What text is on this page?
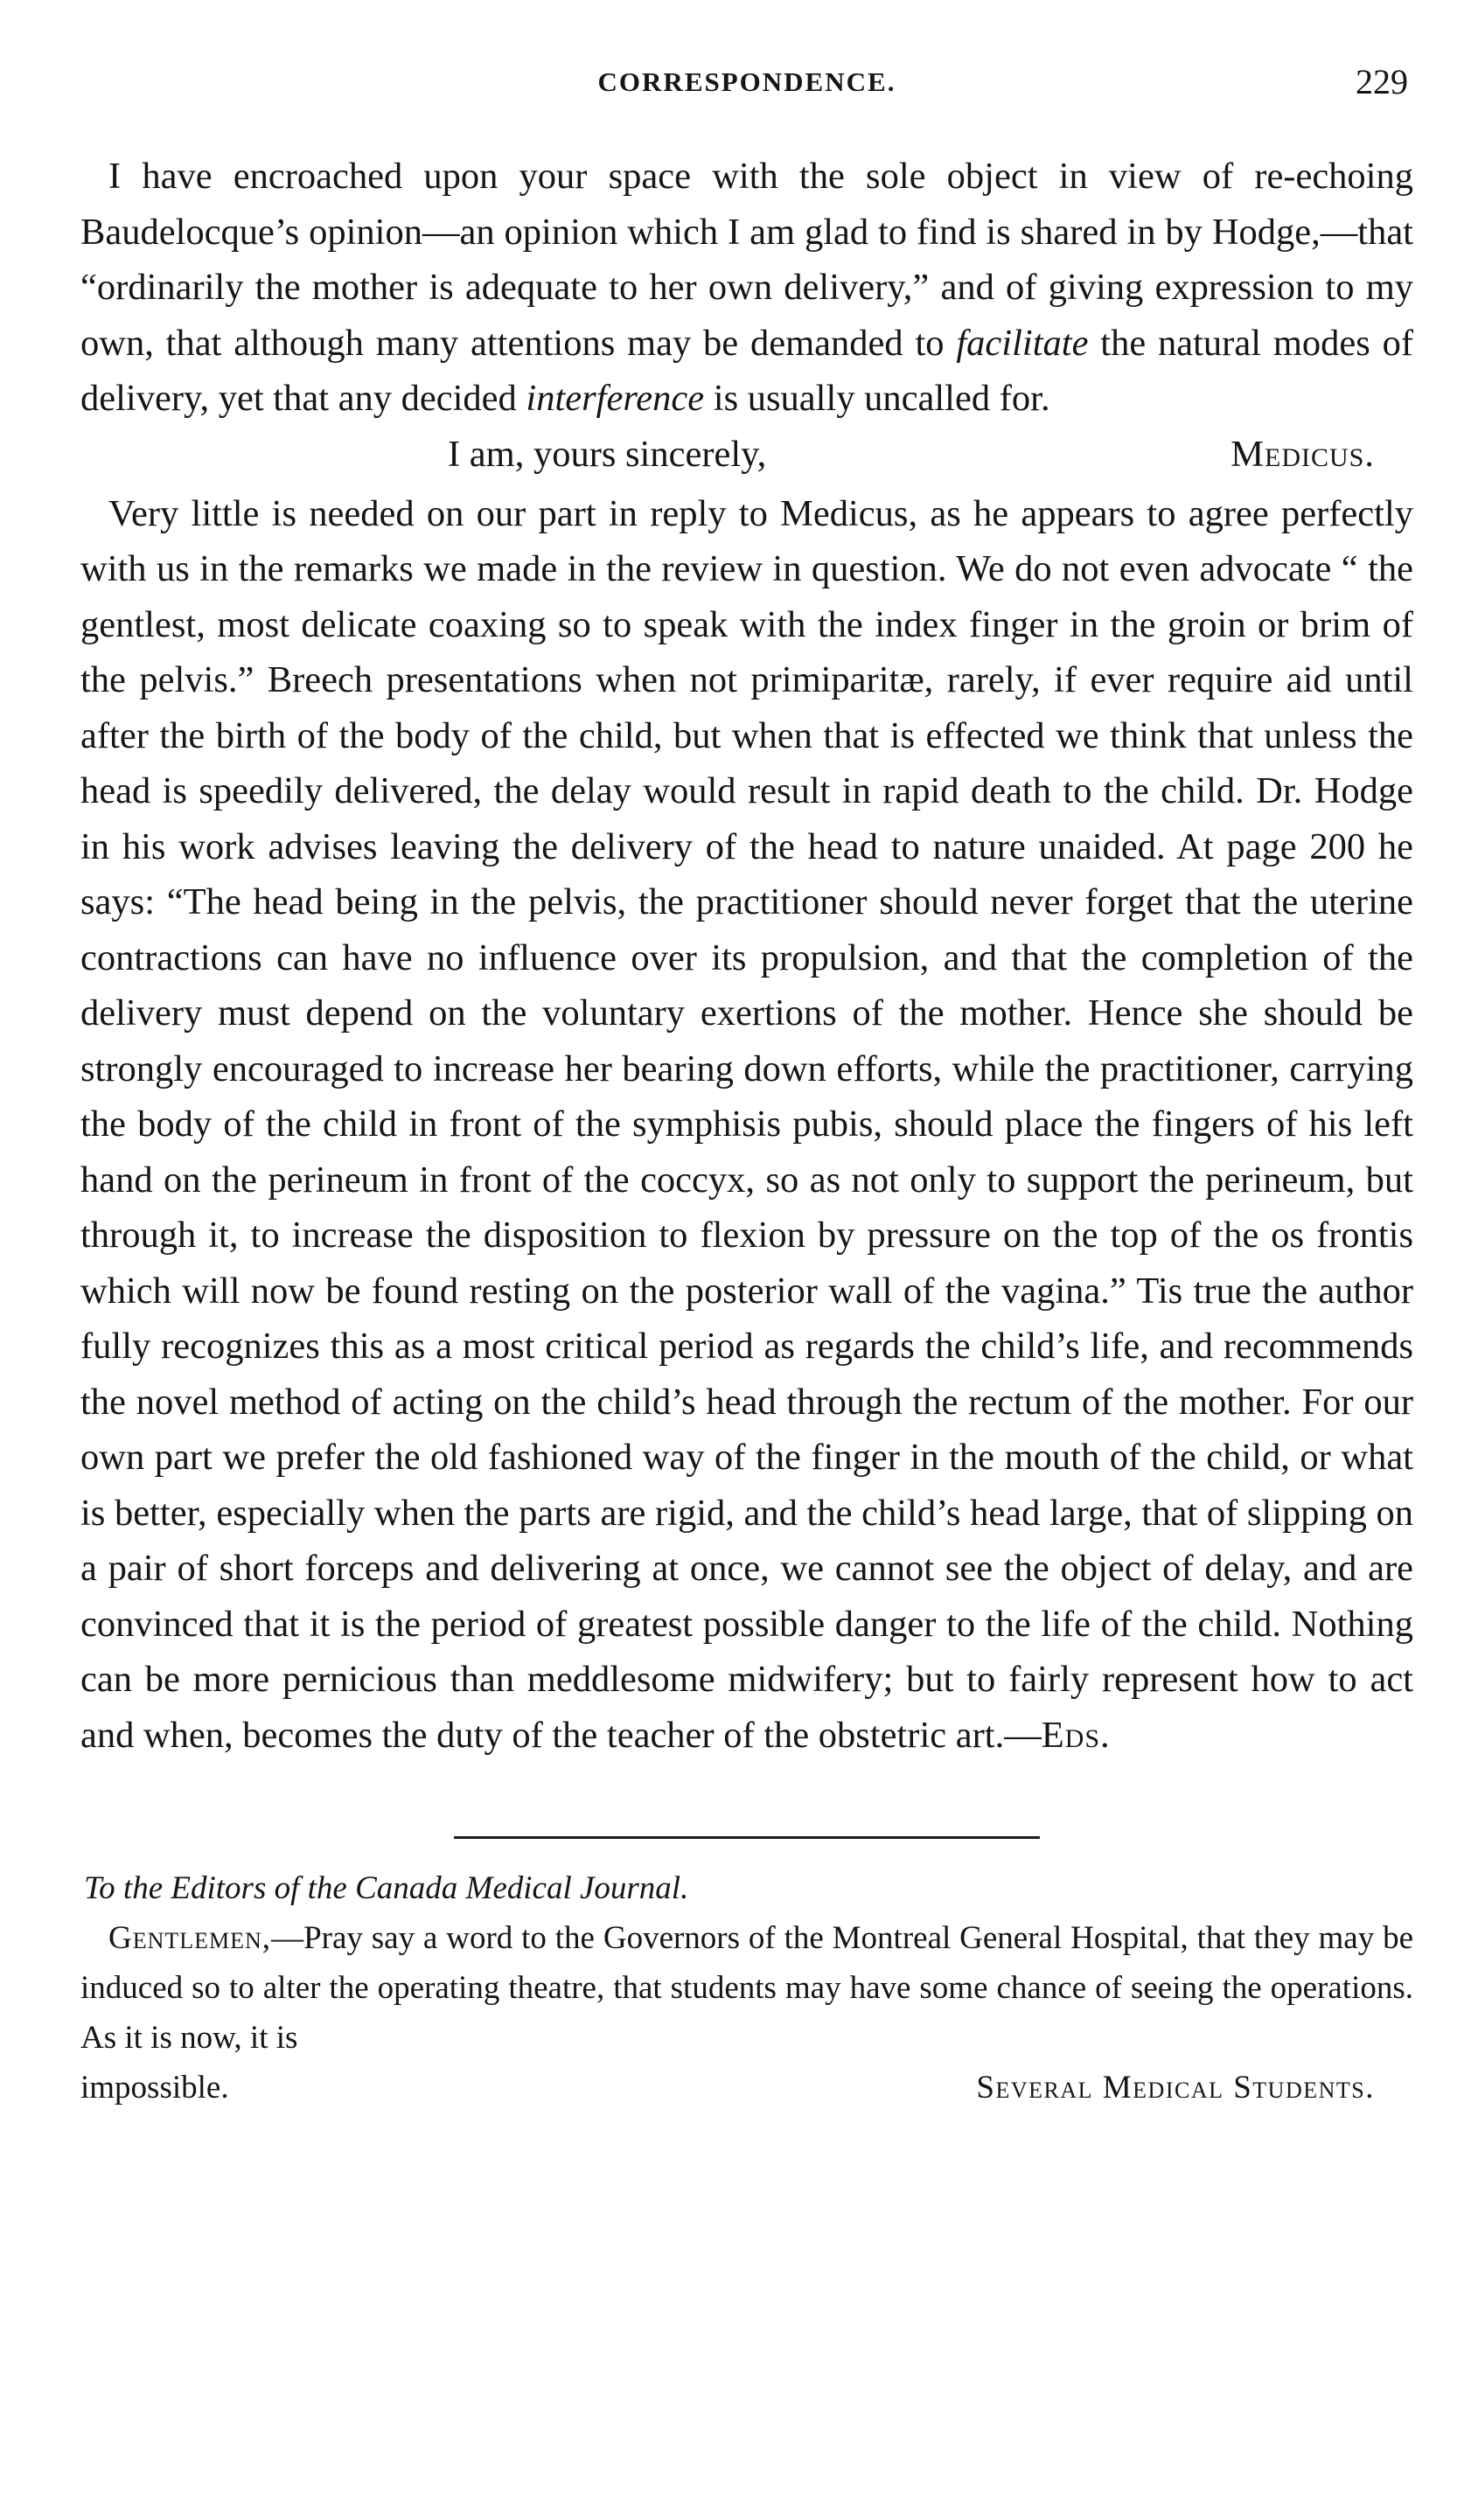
CORRESPONDENCE.	229

I have encroached upon your space with the sole object in view of re-echoing Baudelocque’s opinion—an opinion which I am glad to find is shared in by Hodge,—that “ordinarily the mother is adequate to her own delivery,” and of giving expression to my own, that although many attentions may be demanded to facilitate the natural modes of delivery, yet that any decided interference is usually uncalled for.

I am, yours sincerely,	Medicus.

Very little is needed on our part in reply to Medicus, as he appears to agree perfectly with us in the remarks we made in the review in question. We do not even advocate “ the gentlest, most delicate coaxing so to speak with the index finger in the groin or brim of the pelvis.” Breech presentations when not primiparitæ, rarely, if ever require aid until after the birth of the body of the child, but when that is effected we think that unless the head is speedily delivered, the delay would result in rapid death to the child. Dr. Hodge in his work advises leaving the delivery of the head to nature unaided. At page 200 he says: “The head being in the pelvis, the practitioner should never forget that the uterine contractions can have no influence over its propulsion, and that the completion of the delivery must depend on the voluntary exertions of the mother. Hence she should be strongly encouraged to increase her bearing down efforts, while the practitioner, carrying the body of the child in front of the symphisis pubis, should place the fingers of his left hand on the perineum in front of the coccyx, so as not only to support the perineum, but through it, to increase the disposition to flexion by pressure on the top of the os frontis which will now be found resting on the posterior wall of the vagina.” Tis true the author fully recognizes this as a most critical period as regards the child’s life, and recommends the novel method of acting on the child’s head through the rectum of the mother. For our own part we prefer the old fashioned way of the finger in the mouth of the child, or what is better, especially when the parts are rigid, and the child’s head large, that of slipping on a pair of short forceps and delivering at once, we cannot see the object of delay, and are convinced that it is the period of greatest possible danger to the life of the child. Nothing can be more pernicious than meddlesome midwifery; but to fairly represent how to act and when, becomes the duty of the teacher of the obstetric art.—Eds.

To the Editors of the Canada Medical Journal.

Gentlemen,—Pray say a word to the Governors of the Montreal General Hospital, that they may be induced so to alter the operating theatre, that students may have some chance of seeing the operations. As it is now, it is

impossible.	Several Medical Students.
